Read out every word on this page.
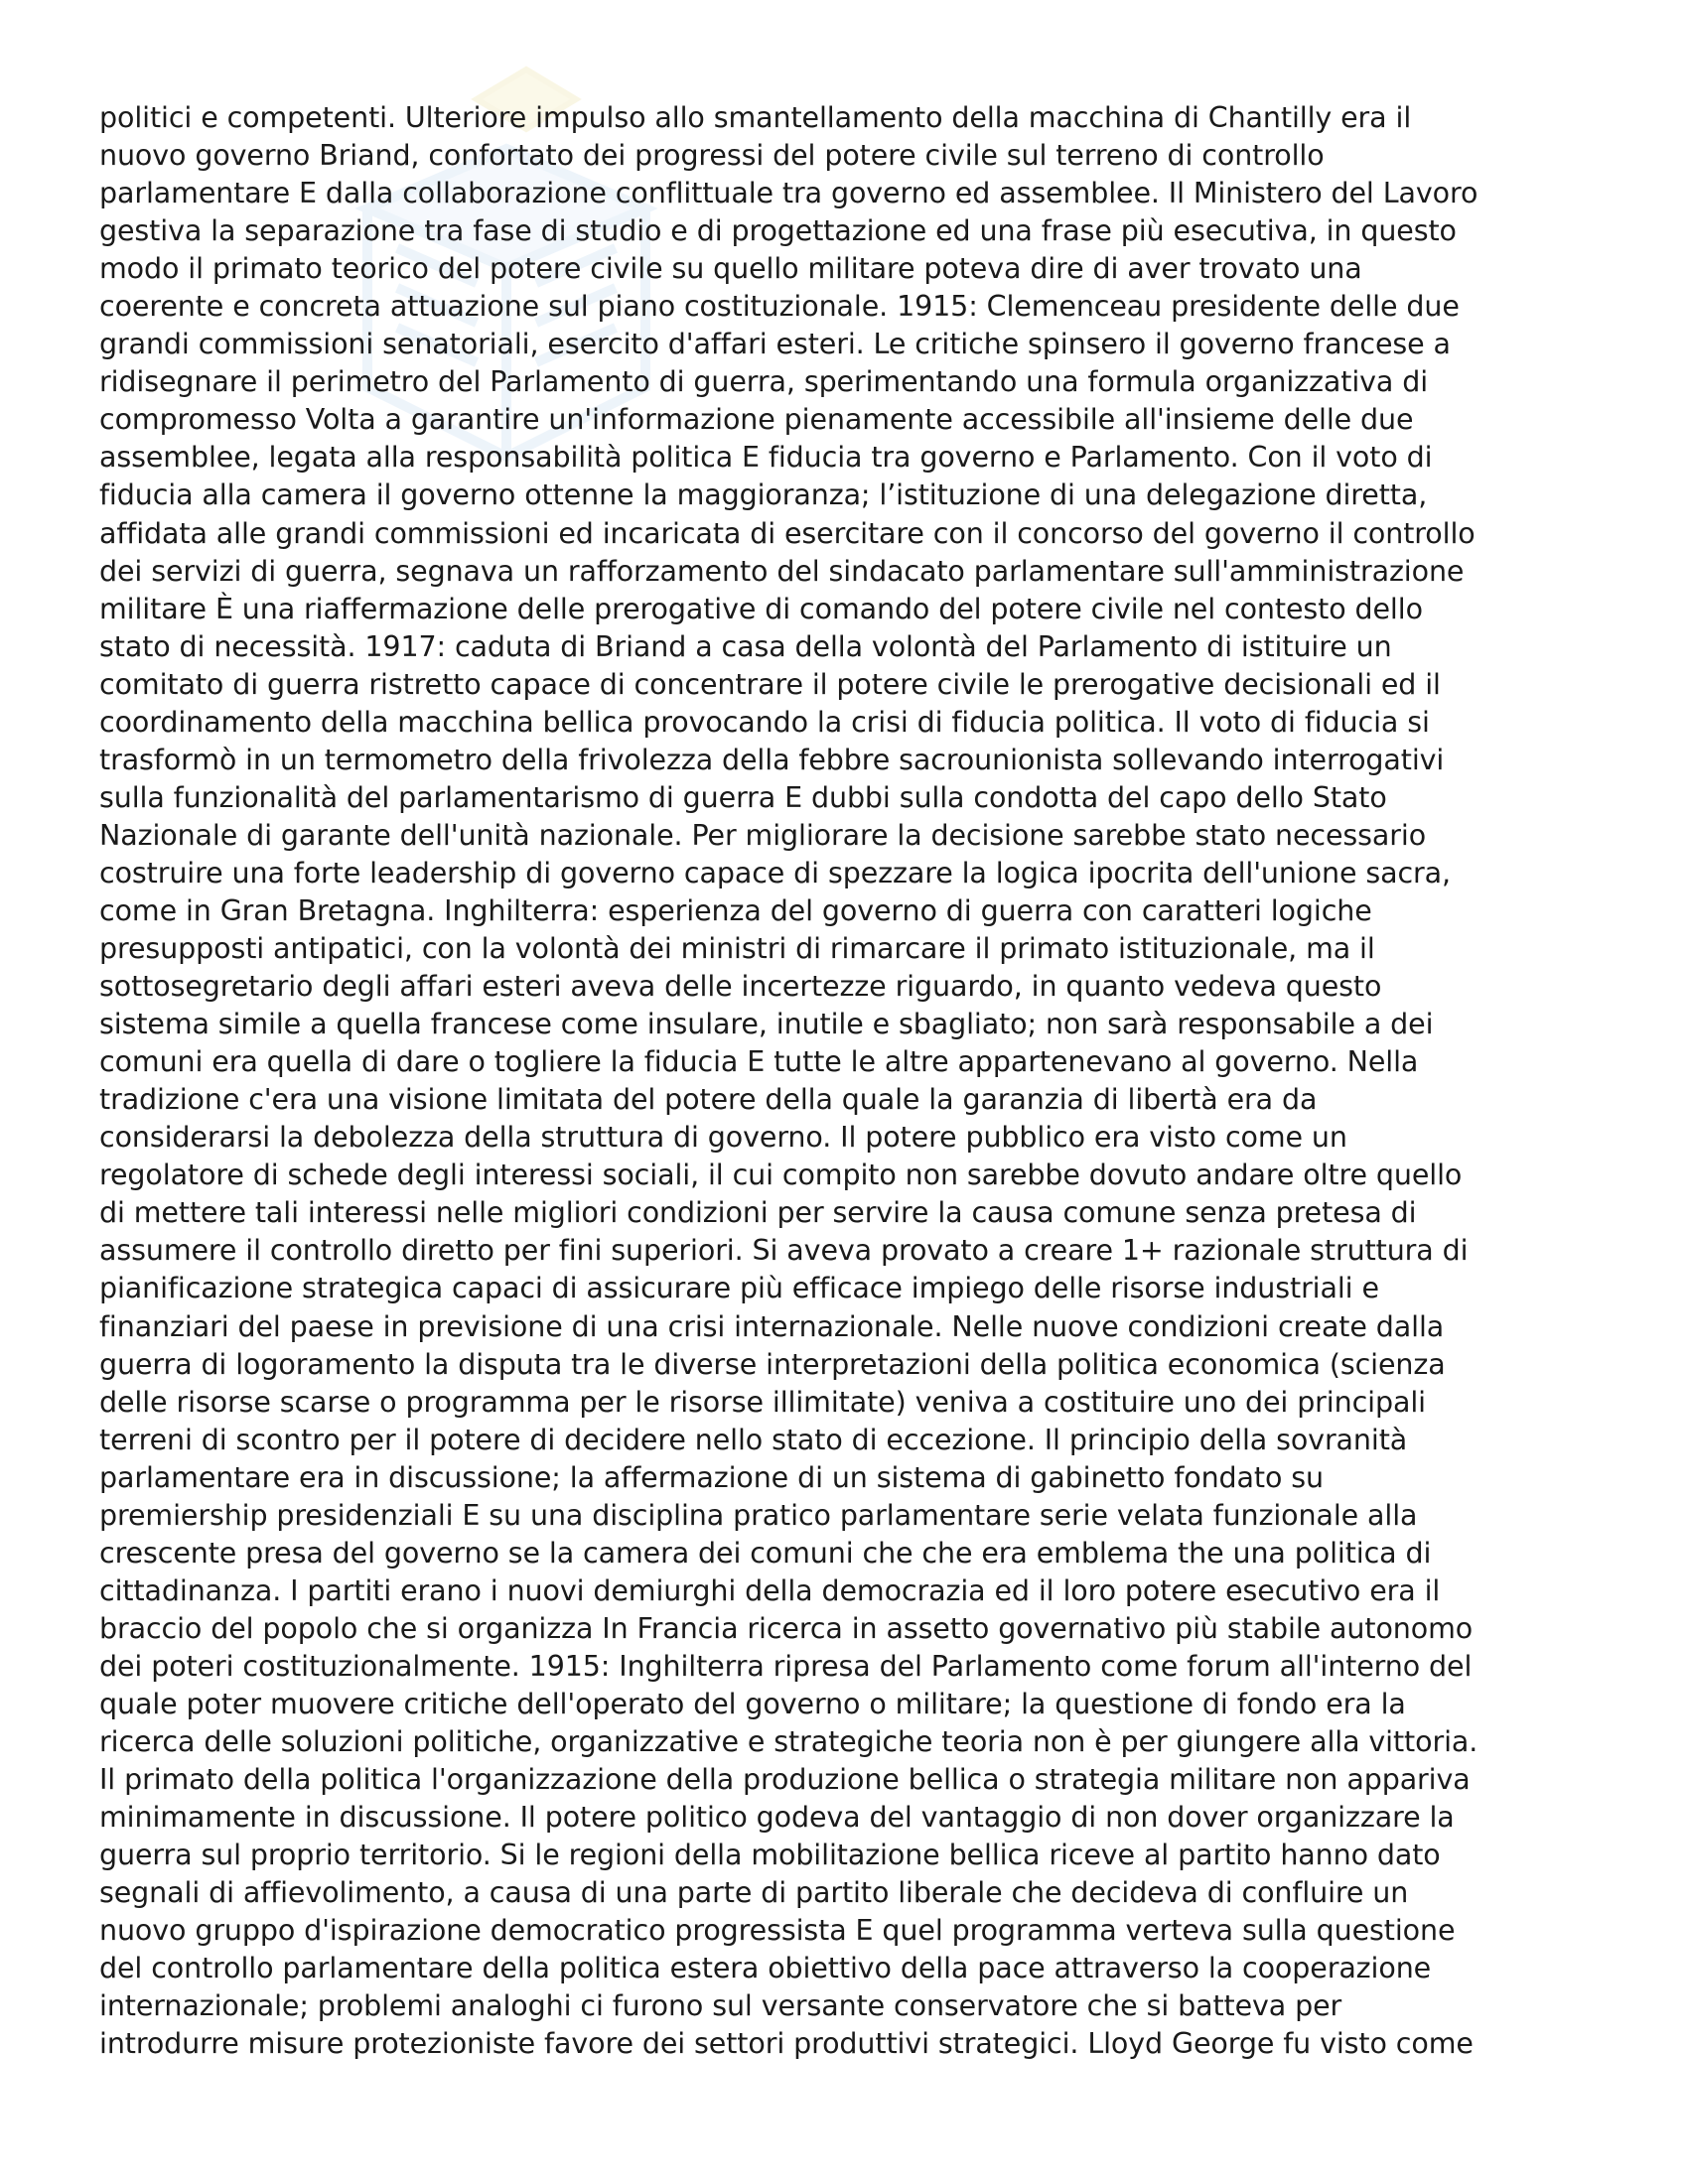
politici e competenti. Ulteriore impulso allo smantellamento della macchina di Chantilly era il
nuovo governo Briand, confortato dei progressi del potere civile sul terreno di controllo
parlamentare E dalla collaborazione conflittuale tra governo ed assemblee. Il Ministero del Lavoro
gestiva la separazione tra fase di studio e di progettazione ed una frase più esecutiva, in questo
modo il primato teorico del potere civile su quello militare poteva dire di aver trovato una
coerente e concreta attuazione sul piano costituzionale. 1915: Clemenceau presidente delle due
grandi commissioni senatoriali, esercito d'affari esteri. Le critiche spinsero il governo francese a
ridisegnare il perimetro del Parlamento di guerra, sperimentando una formula organizzativa di
compromesso Volta a garantire un'informazione pienamente accessibile all'insieme delle due
assemblee, legata alla responsabilità politica E fiducia tra governo e Parlamento. Con il voto di
fiducia alla camera il governo ottenne la maggioranza; l’istituzione di una delegazione diretta,
affidata alle grandi commissioni ed incaricata di esercitare con il concorso del governo il controllo
dei servizi di guerra, segnava un rafforzamento del sindacato parlamentare sull'amministrazione
militare È una riaffermazione delle prerogative di comando del potere civile nel contesto dello
stato di necessità. 1917: caduta di Briand a casa della volontà del Parlamento di istituire un
comitato di guerra ristretto capace di concentrare il potere civile le prerogative decisionali ed il
coordinamento della macchina bellica provocando la crisi di fiducia politica. Il voto di fiducia si
trasformò in un termometro della frivolezza della febbre sacrounionista sollevando interrogativi
sulla funzionalità del parlamentarismo di guerra E dubbi sulla condotta del capo dello Stato
Nazionale di garante dell'unità nazionale. Per migliorare la decisione sarebbe stato necessario
costruire una forte leadership di governo capace di spezzare la logica ipocrita dell'unione sacra,
come in Gran Bretagna. Inghilterra: esperienza del governo di guerra con caratteri logiche
presupposti antipatici, con la volontà dei ministri di rimarcare il primato istituzionale, ma il
sottosegretario degli affari esteri aveva delle incertezze riguardo, in quanto vedeva questo
sistema simile a quella francese come insulare, inutile e sbagliato; non sarà responsabile a dei
comuni era quella di dare o togliere la fiducia E tutte le altre appartenevano al governo. Nella
tradizione c'era una visione limitata del potere della quale la garanzia di libertà era da
considerarsi la debolezza della struttura di governo. Il potere pubblico era visto come un
regolatore di schede degli interessi sociali, il cui compito non sarebbe dovuto andare oltre quello
di mettere tali interessi nelle migliori condizioni per servire la causa comune senza pretesa di
assumere il controllo diretto per fini superiori. Si aveva provato a creare 1+ razionale struttura di
pianificazione strategica capaci di assicurare più efficace impiego delle risorse industriali e
finanziari del paese in previsione di una crisi internazionale. Nelle nuove condizioni create dalla
guerra di logoramento la disputa tra le diverse interpretazioni della politica economica (scienza
delle risorse scarse o programma per le risorse illimitate) veniva a costituire uno dei principali
terreni di scontro per il potere di decidere nello stato di eccezione. Il principio della sovranità
parlamentare era in discussione; la affermazione di un sistema di gabinetto fondato su
premiership presidenziali E su una disciplina pratico parlamentare serie velata funzionale alla
crescente presa del governo se la camera dei comuni che che era emblema the una politica di
cittadinanza. I partiti erano i nuovi demiurghi della democrazia ed il loro potere esecutivo era il
braccio del popolo che si organizza In Francia ricerca in assetto governativo più stabile autonomo
dei poteri costituzionalmente. 1915: Inghilterra ripresa del Parlamento come forum all'interno del
quale poter muovere critiche dell'operato del governo o militare; la questione di fondo era la
ricerca delle soluzioni politiche, organizzative e strategiche teoria non è per giungere alla vittoria.
Il primato della politica l'organizzazione della produzione bellica o strategia militare non appariva
minimamente in discussione. Il potere politico godeva del vantaggio di non dover organizzare la
guerra sul proprio territorio. Si le regioni della mobilitazione bellica riceve al partito hanno dato
segnali di affievolimento, a causa di una parte di partito liberale che decideva di confluire un
nuovo gruppo d'ispirazione democratico progressista E quel programma verteva sulla questione
del controllo parlamentare della politica estera obiettivo della pace attraverso la cooperazione
internazionale; problemi analoghi ci furono sul versante conservatore che si batteva per
introdurre misure protezioniste favore dei settori produttivi strategici. Lloyd George fu visto come
